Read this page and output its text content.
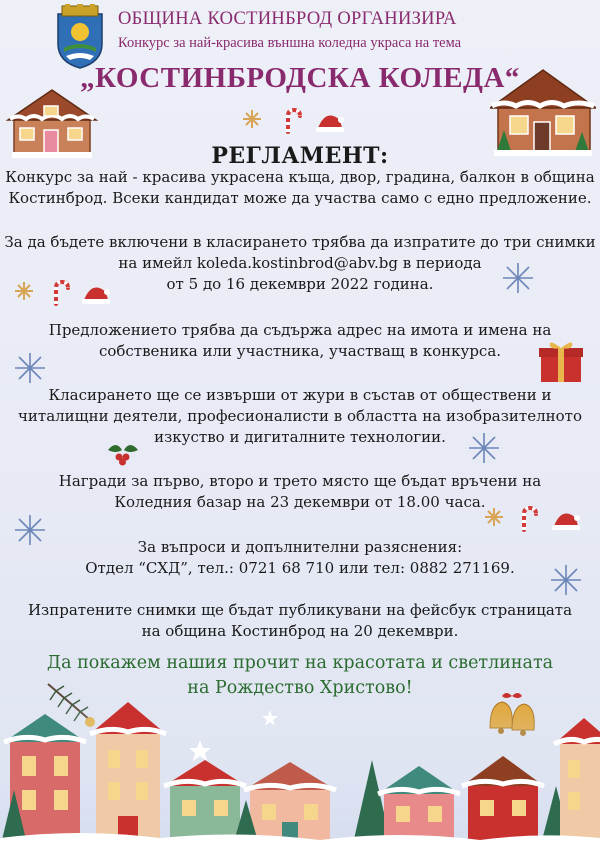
ОБЩИНА КОСТИНБРОД ОРГАНИЗИРА
Конкурс за най-красива външна коледна украса на тема
„КОСТИНБРОДСКА КОЛЕДА“
РЕГЛАМЕНТ:
Конкурс за най - красива украсена къща, двор, градина, балкон в община
Костинброд. Всеки кандидат може да участва само с едно предложение.
За да бъдете включени в класирането трябва да изпратите до три снимки
на имейл koleda.kostinbrod@abv.bg в периода
от 5 до 16 декември 2022 година.
Предложението трябва да съдържа адрес на имота и имена на
собственика или участника, участващ в конкурса.
Класирането ще се извърши от жури в състав от обществени и
читалищни деятели, професионалисти в областта на изобразителното
изкуство и дигиталните технологии.
Награди за първо, второ и трето място ще бъдат връчени на
Коледния базар на 23 декември от 18.00 часа.
За въпроси и допълнителни разяснения:
Отдел “СХД”, тел.: 0721 68 710 или тел: 0882 271169.
Изпратените снимки ще бъдат публикувани на фейсбук страницата
на община Костинброд на 20 декември.
Да покажем нашия прочит на красотата и светлината
на Рождество Христово!
